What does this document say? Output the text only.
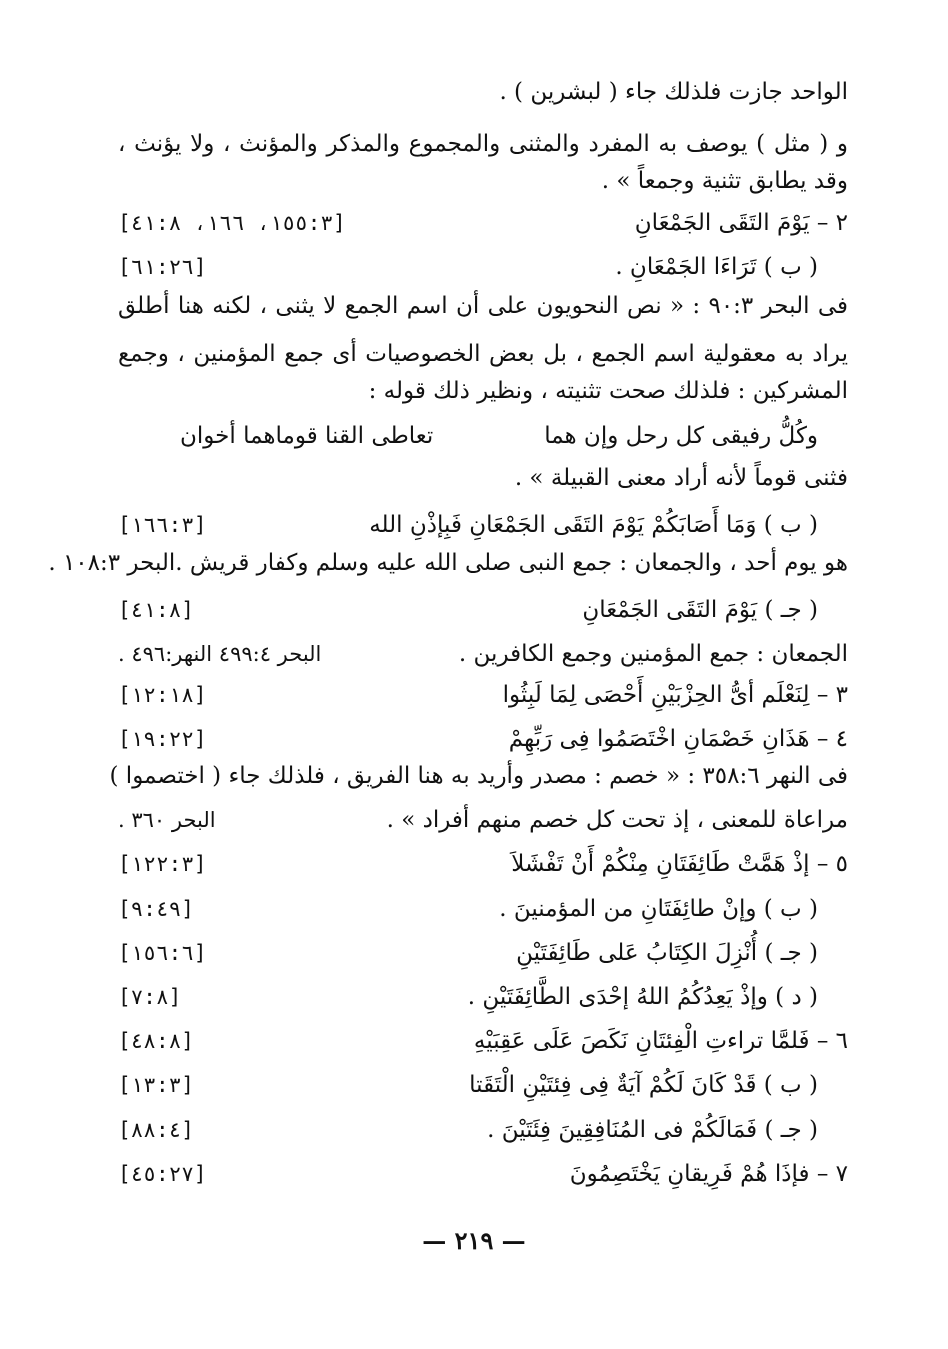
الواحد جازت فلذلك جاء ( لبشرين ) .
و ( مثل ) يوصف به المفرد والمثنى والمجموع والمذكر والمؤنث ، ولا يؤنث ،
وقد يطابق تثنية وجمعاً » .
٢ – يَوْمَ التَقَى الجَمْعَانِ
[١٥٥:٣، ١٦٦، ٤١:٨]
( ب ) تَرَاءَا الجَمْعَانِ .
[٦١:٢٦]
فى البحر ٩٠:٣ : « نص النحويون على أن اسم الجمع لا يثنى ، لكنه هنا أطلق
يراد به معقولية اسم الجمع ، بل بعض الخصوصيات أى جمع المؤمنين ، وجمع
المشركين : فلذلك صحت تثنيته ، ونظير ذلك قوله :
وكُلُّ رفيقى كل رحل وإن هما
تعاطى القنا قوماهما أخوان
فثنى قوماً لأنه أراد معنى القبيلة » .
( ب ) وَمَا أَصَابَكُمْ يَوْمَ التَقَى الجَمْعَانِ فَبِإذْنِ الله
[١٦٦:٣]
هو يوم أحد ، والجمعان : جمع النبى صلى الله عليه وسلم وكفار قريش .البحر ١٠٨:٣ .
( جـ ) يَوْمَ التَقَى الجَمْعَانِ
[٤١:٨]
الجمعان : جمع المؤمنين وجمع الكافرين .
البحر ٤٩٩:٤ النهر:٤٩٦ .
٣ – لِنَعْلَم أىُّ الحِزْبَيْنِ أَحْصَى لِمَا لَبِثُوا
[١٢:١٨]
٤ – هَذَانِ خَصْمَانِ اخْتَصَمُوا فِى رَبِّهِمْ
[١٩:٢٢]
فى النهر ٣٥٨:٦ : « خصم : مصدر وأريد به هنا الفريق ، فلذلك جاء ( اختصموا )
مراعاة للمعنى ، إذ تحت كل خصم منهم أفراد » .
البحر ٣٦٠ .
٥ – إذْ هَمَّتْ طَائِفَتَانِ مِنْكُمْ أَنْ تَفْشَلاَ
[١٢٢:٣]
( ب ) وإنْ طائِفَتَانِ من المؤمنينَ .
[٩:٤٩]
( جـ ) أُنْزِلَ الكِتَابُ عَلى طَائِفَتَيْنِ
[١٥٦:٦]
( د ) وإذْ يَعِدُكُمُ اللهُ إحْدَى الطَّائِفَتَيْنِ .
[٧:٨]
٦ – فَلمَّا تراءتِ الْفِئتَانِ نَكَصَ عَلَى عَقِبَيْهِ
[٤٨:٨]
( ب ) قَدْ كَانَ لَكُمْ آيَةٌ فِى فِئتَيْنِ الْتَقَتا
[١٣:٣]
( جـ ) فَمَالَكُمْ فى المُنَافِقِينَ فِئَتَيْنَ .
[٨٨:٤]
٧ – فإذَا هُمْ فَرِيقانِ يَخْتَصِمُونَ
[٤٥:٢٧]
— ٢١٩ —
